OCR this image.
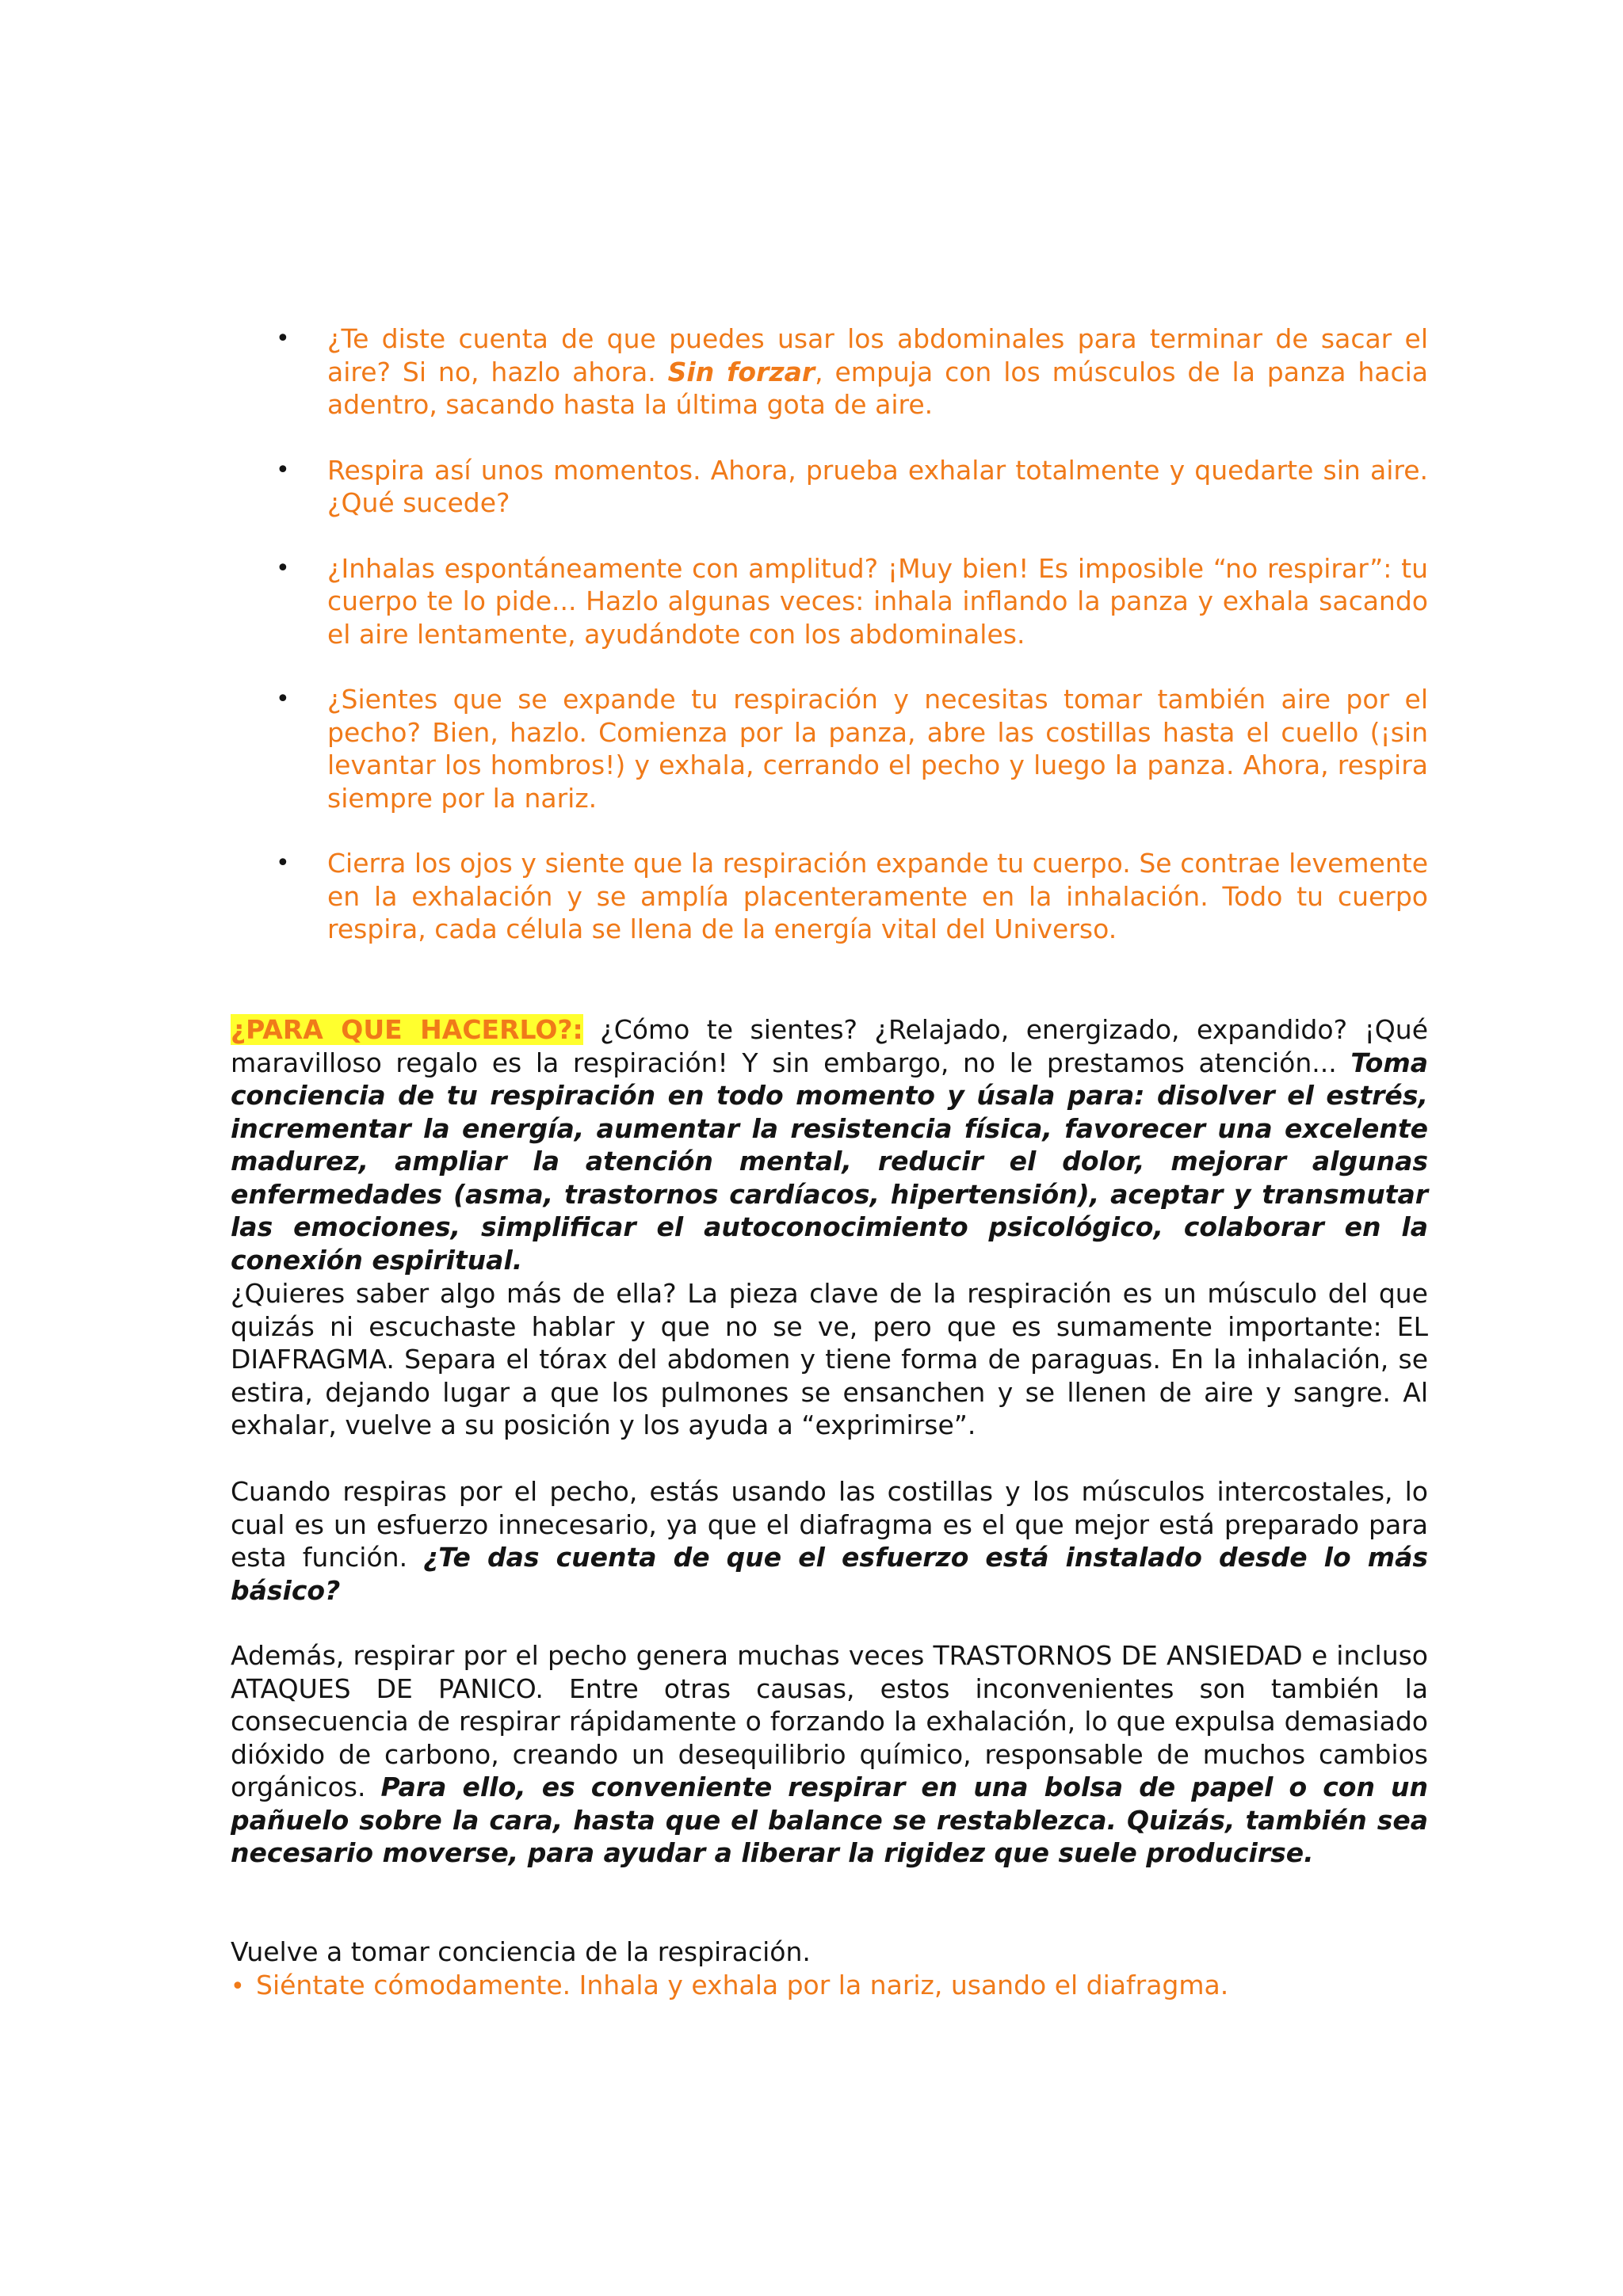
• ¿Te diste cuenta de que puedes usar los abdominales para terminar de sacar el aire? Si no, hazlo ahora. Sin forzar, empuja con los músculos de la panza hacia adentro, sacando hasta la última gota de aire.
• Respira así unos momentos. Ahora, prueba exhalar totalmente y quedarte sin aire. ¿Qué sucede?
• ¿Inhalas espontáneamente con amplitud? ¡Muy bien! Es imposible “no respirar”: tu cuerpo te lo pide... Hazlo algunas veces: inhala inflando la panza y exhala sacando el aire lentamente, ayudándote con los abdominales.
• ¿Sientes que se expande tu respiración y necesitas tomar también aire por el pecho? Bien, hazlo. Comienza por la panza, abre las costillas hasta el cuello (¡sin levantar los hombros!) y exhala, cerrando el pecho y luego la panza. Ahora, respira siempre por la nariz.
• Cierra los ojos y siente que la respiración expande tu cuerpo. Se contrae levemente en la exhalación y se amplía placenteramente en la inhalación. Todo tu cuerpo respira, cada célula se llena de la energía vital del Universo.

¿PARA QUE HACERLO?: ¿Cómo te sientes? ¿Relajado, energizado, expandido? ¡Qué maravilloso regalo es la respiración! Y sin embargo, no le prestamos atención... Toma conciencia de tu respiración en todo momento y úsala para: disolver el estrés, incrementar la energía, aumentar la resistencia física, favorecer una excelente madurez, ampliar la atención mental, reducir el dolor, mejorar algunas enfermedades (asma, trastornos cardíacos, hipertensión), aceptar y transmutar las emociones, simplificar el autoconocimiento psicológico, colaborar en la conexión espiritual.

¿Quieres saber algo más de ella? La pieza clave de la respiración es un músculo del que quizás ni escuchaste hablar y que no se ve, pero que es sumamente importante: EL DIAFRAGMA. Separa el tórax del abdomen y tiene forma de paraguas. En la inhalación, se estira, dejando lugar a que los pulmones se ensanchen y se llenen de aire y sangre. Al exhalar, vuelve a su posición y los ayuda a “exprimirse”.

Cuando respiras por el pecho, estás usando las costillas y los músculos intercostales, lo cual es un esfuerzo innecesario, ya que el diafragma es el que mejor está preparado para esta función. ¿Te das cuenta de que el esfuerzo está instalado desde lo más básico?

Además, respirar por el pecho genera muchas veces TRASTORNOS DE ANSIEDAD e incluso ATAQUES DE PANICO. Entre otras causas, estos inconvenientes son también la consecuencia de respirar rápidamente o forzando la exhalación, lo que expulsa demasiado dióxido de carbono, creando un desequilibrio químico, responsable de muchos cambios orgánicos. Para ello, es conveniente respirar en una bolsa de papel o con un pañuelo sobre la cara, hasta que el balance se restablezca. Quizás, también sea necesario moverse, para ayudar a liberar la rigidez que suele producirse.

Vuelve a tomar conciencia de la respiración.

• Siéntate cómodamente. Inhala y exhala por la nariz, usando el diafragma.
